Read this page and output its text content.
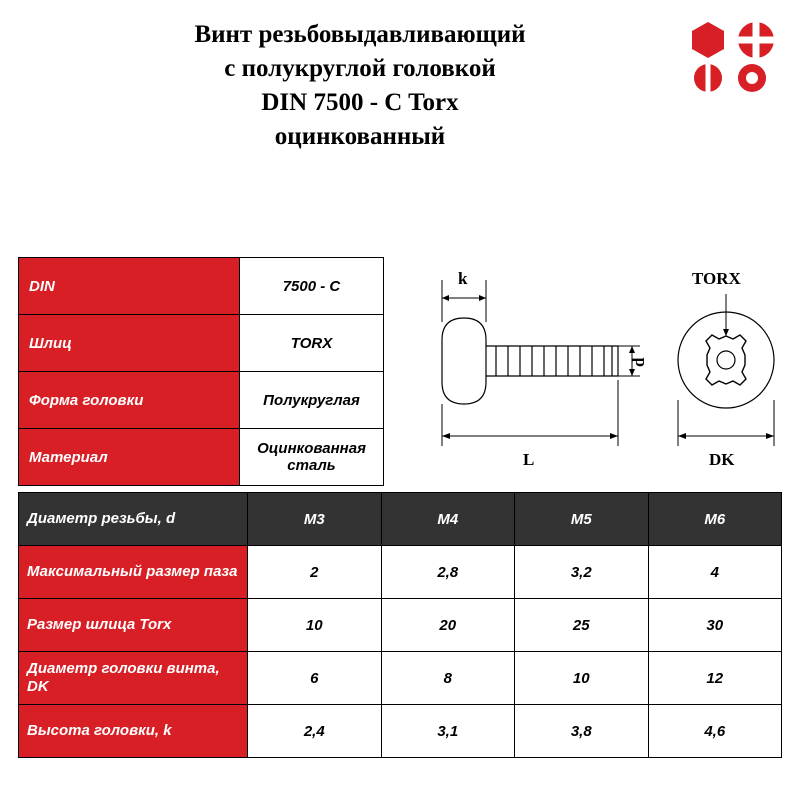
Винт резьбовыдавливающий
с полукруглой головкой
DIN 7500 - C Torx
оцинкованный
DIN	7500 - C
Шлиц	TORX
Форма головки	Полукруглая
Материал	Оцинкованная сталь
k
L
d
TORX
DK
Диаметр резьбы, d	М3	М4	М5	М6
Максимальный размер паза	2	2,8	3,2	4
Размер шлица Torx	10	20	25	30
Диаметр головки винта, DK	6	8	10	12
Высота головки, k	2,4	3,1	3,8	4,6
